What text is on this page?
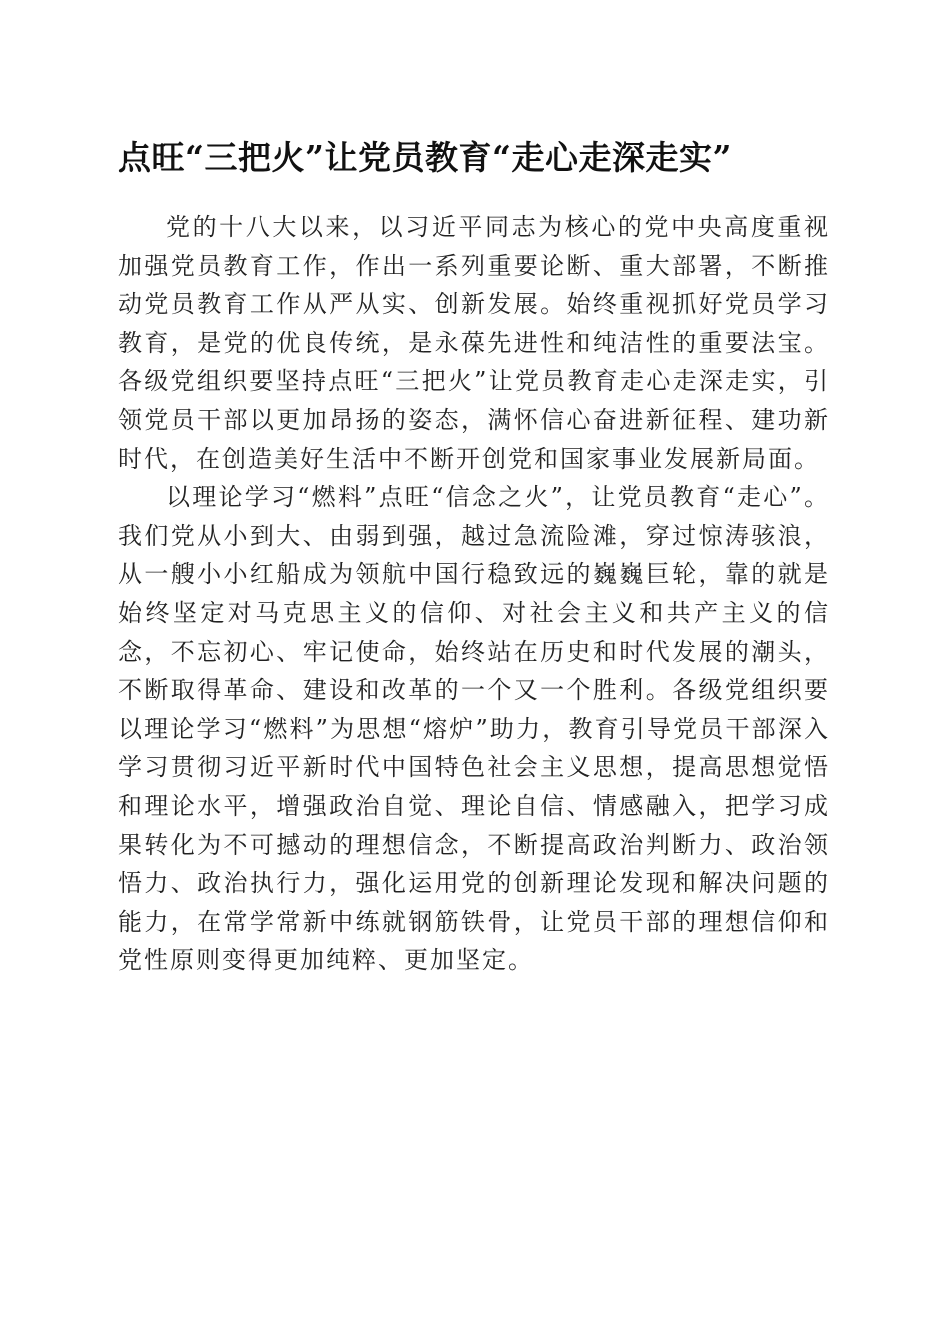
点旺“三把火”让党员教育“走心走深走实”

党的十八大以来，以习近平同志为核心的党中央高度重视加强党员教育工作，作出一系列重要论断、重大部署，不断推动党员教育工作从严从实、创新发展。始终重视抓好党员学习教育，是党的优良传统，是永葆先进性和纯洁性的重要法宝。各级党组织要坚持点旺“三把火”让党员教育走心走深走实，引领党员干部以更加昂扬的姿态，满怀信心奋进新征程、建功新时代，在创造美好生活中不断开创党和国家事业发展新局面。

以理论学习“燃料”点旺“信念之火”，让党员教育“走心”。我们党从小到大、由弱到强，越过急流险滩，穿过惊涛骇浪，从一艘小小红船成为领航中国行稳致远的巍巍巨轮，靠的就是始终坚定对马克思主义的信仰、对社会主义和共产主义的信念，不忘初心、牢记使命，始终站在历史和时代发展的潮头，不断取得革命、建设和改革的一个又一个胜利。各级党组织要以理论学习“燃料”为思想“熔炉”助力，教育引导党员干部深入学习贯彻习近平新时代中国特色社会主义思想，提高思想觉悟和理论水平，增强政治自觉、理论自信、情感融入，把学习成果转化为不可撼动的理想信念，不断提高政治判断力、政治领悟力、政治执行力，强化运用党的创新理论发现和解决问题的能力，在常学常新中练就钢筋铁骨，让党员干部的理想信仰和党性原则变得更加纯粹、更加坚定。
